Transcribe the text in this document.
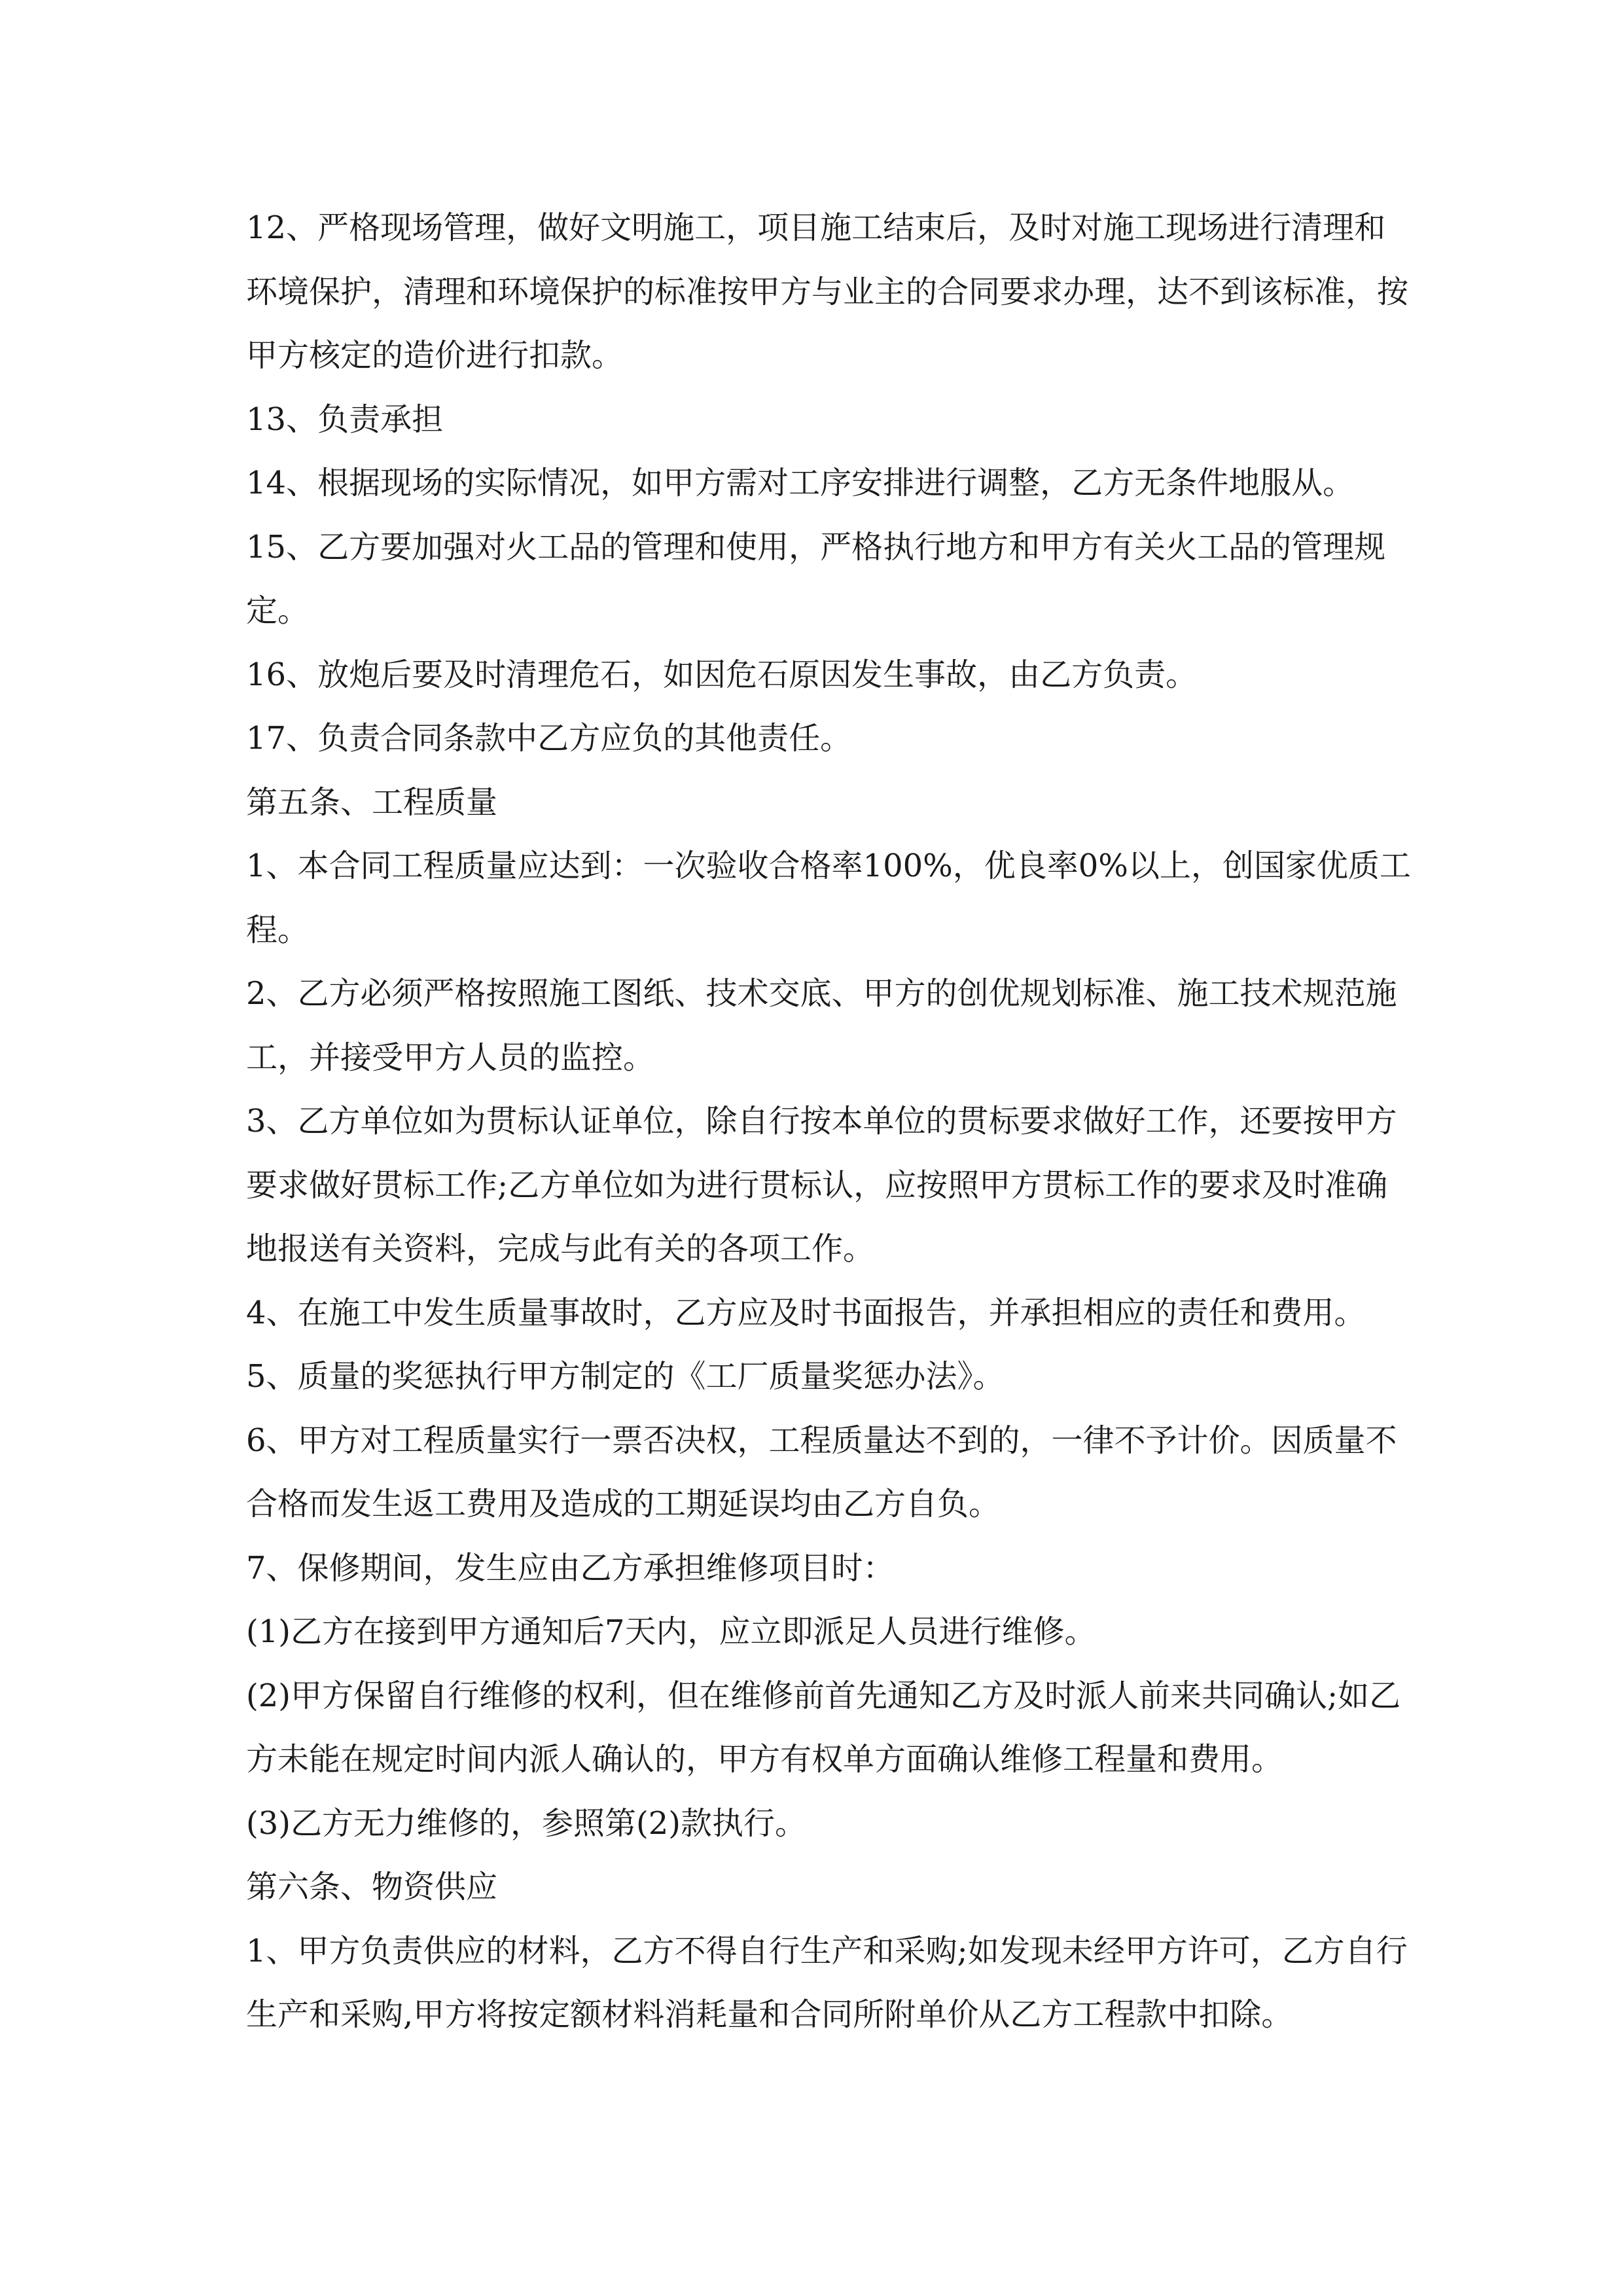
12、严格现场管理，做好文明施工，项目施工结束后，及时对施工现场进行清理和环境保护，清理和环境保护的标准按甲方与业主的合同要求办理，达不到该标准，按甲方核定的造价进行扣款。

13、负责承担

14、根据现场的实际情况，如甲方需对工序安排进行调整，乙方无条件地服从。

15、乙方要加强对火工品的管理和使用，严格执行地方和甲方有关火工品的管理规定。

16、放炮后要及时清理危石，如因危石原因发生事故，由乙方负责。

17、负责合同条款中乙方应负的其他责任。

第五条、工程质量

1、本合同工程质量应达到：一次验收合格率100%，优良率0%以上，创国家优质工程。

2、乙方必须严格按照施工图纸、技术交底、甲方的创优规划标准、施工技术规范施工，并接受甲方人员的监控。

3、乙方单位如为贯标认证单位，除自行按本单位的贯标要求做好工作，还要按甲方要求做好贯标工作;乙方单位如为进行贯标认，应按照甲方贯标工作的要求及时准确地报送有关资料，完成与此有关的各项工作。

4、在施工中发生质量事故时，乙方应及时书面报告，并承担相应的责任和费用。

5、质量的奖惩执行甲方制定的《工厂质量奖惩办法》。

6、甲方对工程质量实行一票否决权，工程质量达不到的，一律不予计价。因质量不合格而发生返工费用及造成的工期延误均由乙方自负。

7、保修期间，发生应由乙方承担维修项目时：

(1)乙方在接到甲方通知后7天内，应立即派足人员进行维修。

(2)甲方保留自行维修的权利，但在维修前首先通知乙方及时派人前来共同确认;如乙方未能在规定时间内派人确认的，甲方有权单方面确认维修工程量和费用。

(3)乙方无力维修的，参照第(2)款执行。

第六条、物资供应

1、甲方负责供应的材料，乙方不得自行生产和采购;如发现未经甲方许可，乙方自行生产和采购,甲方将按定额材料消耗量和合同所附单价从乙方工程款中扣除。
